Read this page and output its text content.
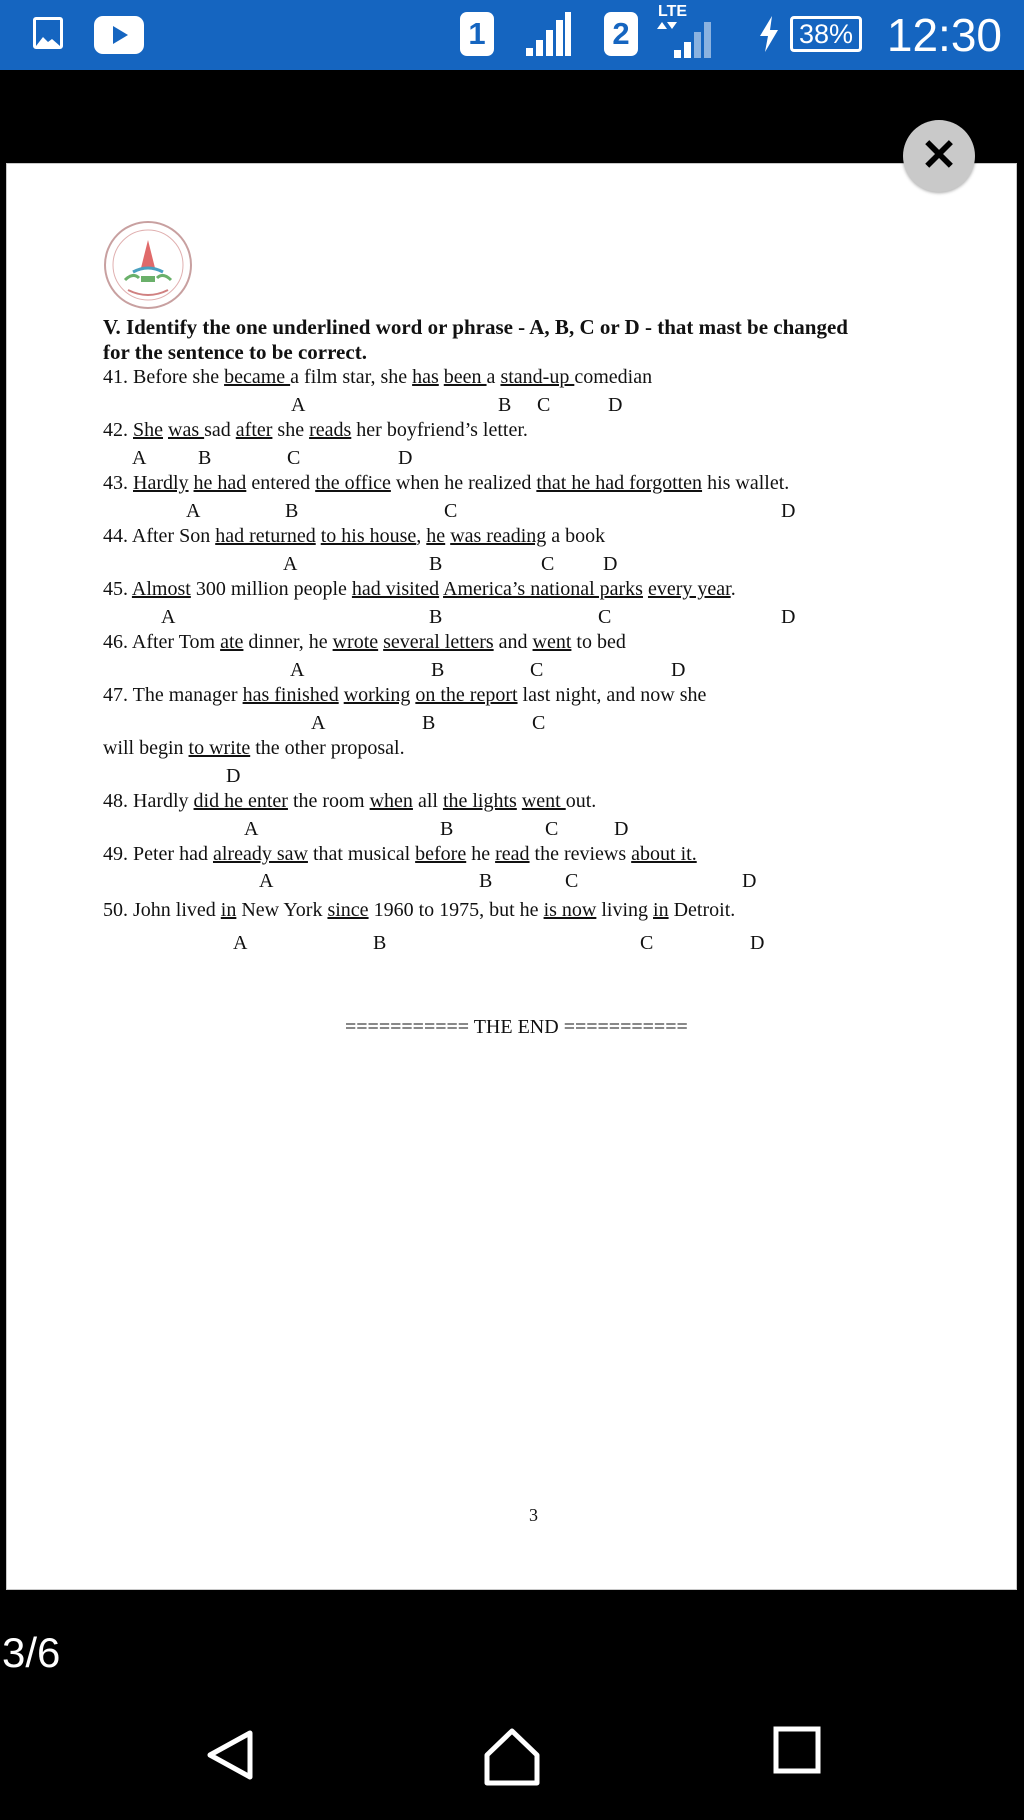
1	2
LTE
38% 12:30
✕
V. Identify the one underlined word or phrase - A, B, C or D - that mast be changed
for the sentence to be correct.
41. Before she became a film star, she has been a stand-up comedian
A	B C	D
42. She was sad after she reads her boyfriend’s letter.
A	B	C	D
43. Hardly he had entered the office when he realized that he had forgotten his wallet.
A	B	C	D
44. After Son had returned to his house, he was reading a book
A	B	C D
45. Almost 300 million people had visited America’s national parks every year.
A	B	C	D
46. After Tom ate dinner, he wrote several letters and went to bed
A	B	C	D
47. The manager has finished working on the report last night, and now she
A	B	C
will begin to write the other proposal.
D
48. Hardly did he enter the room when all the lights went out.
A	B	C	D
49. Peter had already saw that musical before he read the reviews about it.
A	B	C	D
50. John lived in New York since 1960 to 1975, but he is now living in Detroit.
A	B	C	D
=========== THE END ===========
3
3/6
